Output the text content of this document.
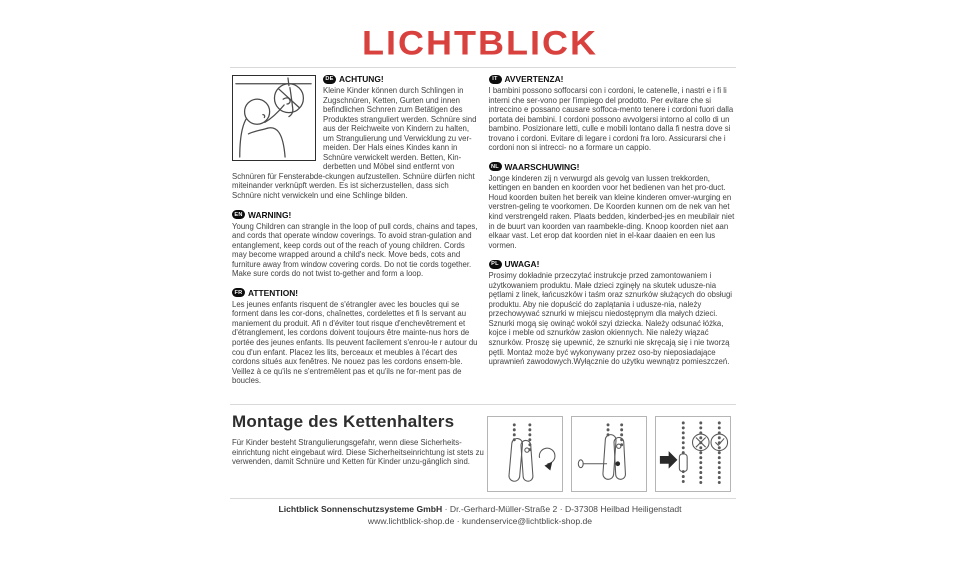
LICHTBLICK
DE ACHTUNG!
Kleine Kinder können durch Schlingen in Zugschnüren, Ketten, Gurten und innen befindlichen Schnren zum Betätigen des Produktes stranguliert werden. Schnüre sind aus der Reichweite von Kindern zu halten, um Strangulierung und Verwicklung zu ver-meiden. Der Hals eines Kindes kann in Schnüre verwickelt werden. Betten, Kin-derbetten und Möbel sind entfernt von Schnüren für Fensterabde-ckungen aufzustellen. Schnüre dürfen nicht miteinander verknüpft werden. Es ist sicherzustellen, dass sich Schnüre nicht verwickeln und eine Schlinge bilden.
EN WARNING!
Young Children can strangle in the loop of pull cords, chains and tapes, and cords that operate window coverings. To avoid stran-gulation and entanglement, keep cords out of the reach of young children. Cords may become wrapped around a child's neck. Move beds, cots and furniture away from window covering cords. Do not tie cords together. Make sure cords do not twist to-gether and form a loop.
FR ATTENTION!
Les jeunes enfants risquent de s'étrangler avec les boucles qui se forment dans les cor-dons, chaînettes, cordelettes et fi ls servant au maniement du produit. Afi n d'éviter tout risque d'enchevêtrement et d'étranglement, les cordons doivent toujours être mainte-nus hors de portée des jeunes enfants. Ils peuvent facilement s'enrou-le r autour du cou d'un enfant. Placez les lits, berceaux et meubles à l'écart des cordons situés aux fenêtres. Ne nouez pas les cordons ensem-ble. Veillez à ce qu'ils ne s'entremêlent pas et qu'ils ne for-ment pas de boucles.
IT AVVERTENZA!
I bambini possono soffocarsi con i cordoni, le catenelle, i nastri e i fi li interni che ser-vono per l'impiego del prodotto. Per evitare che si intreccino e possano causare soffoca-mento tenere i cordoni fuori dalla portata dei bambini. I cordoni possono avvolgersi intorno al collo di un bambino. Posizionare letti, culle e mobili lontano dalla fi nestra dove si trovano i cordoni. Evitare di legare i cordoni fra loro. Assicurarsi che i cordoni non si intrecci- no a formare un cappio.
NL WAARSCHUWING!
Jonge kinderen zij n verwurgd als gevolg van lussen trekkorden, kettingen en banden en koorden voor het bedienen van het pro-duct. Houd koorden buiten het bereik van kleine kinderen omver-wurging en verstren-geling te voorkomen. De Koorden kunnen om de nek van het kind verstrengeld raken. Plaats bedden, kinderbed-jes en meubilair niet in de buurt van koorden van raambekle-ding. Knoop koorden niet aan elkaar vast. Let erop dat koorden niet in el-kaar daaien en een lus vormen.
PL UWAGA!
Prosimy dokładnie przeczytać instrukcje przed zamontowaniem i użytkowaniem produktu. Małe dzieci zginęły na skutek udusze-nia pętlami z linek, łańcuszków i taśm oraz sznurków służących do obsługi produktu. Aby nie dopuścić do zaplątania i udusze-nia, należy przechowywać sznurki w miejscu niedostępnym dla małych dzieci. Sznurki mogą się owinąć wokół szyi dziecka. Należy odsunać łóżka, kojce i meble od sznurków zasłon okiennych. Nie należy wiązać sznurków. Proszę się upewnić, że sznurki nie skręcają się i nie tworzą pętli. Montaż może być wykonywany przez oso-by nieposiadające uprawnień zawodowych.Wyłącznie do użytku wewnątrz pomieszczeń.
Montage des Kettenhalters
Für Kinder besteht Strangulierungsgefahr, wenn diese Sicherheits-einrichtung nicht eingebaut wird. Diese Sicherheitseinrichtung ist stets zu verwenden, damit Schnüre und Ketten für Kinder unzu-gänglich sind.
Lichtblick Sonnenschutzsysteme GmbH · Dr.-Gerhard-Müller-Straße 2 · D-37308 Heilbad Heiligenstadt
www.lichtblick-shop.de · kundenservice@lichtblick-shop.de
